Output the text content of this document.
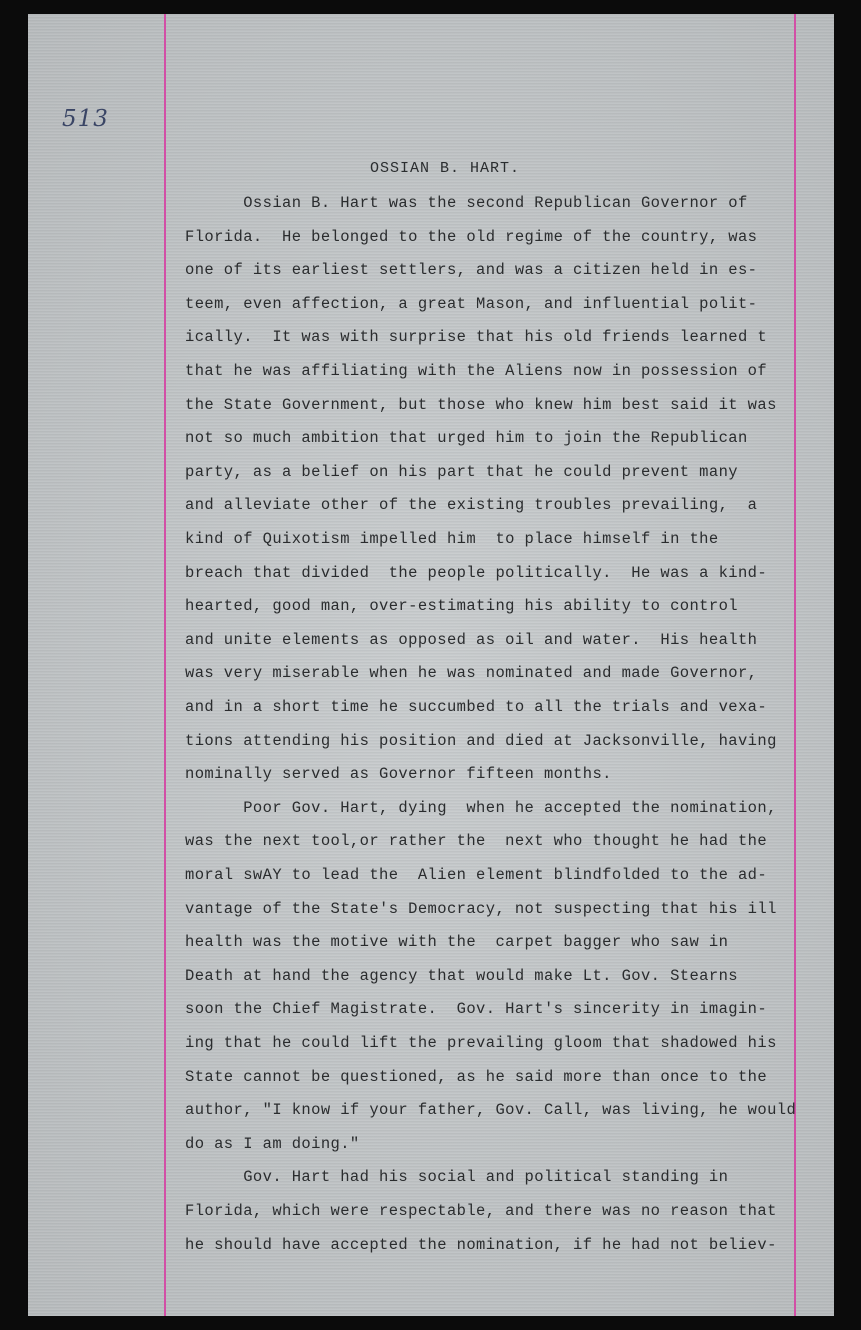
513
OSSIAN B. HART.
Ossian B. Hart was the second Republican Governor of
Florida.  He belonged to the old regime of the country, was
one of its earliest settlers, and was a citizen held in es-
teem, even affection, a great Mason, and influential polit-
ically.  It was with surprise that his old friends learned t
that he was affiliating with the Aliens now in possession of
the State Government, but those who knew him best said it was
not so much ambition that urged him to join the Republican
party, as a belief on his part that he could prevent many
and alleviate other of the existing troubles prevailing,  a
kind of Quixotism impelled him  to place himself in the
breach that divided  the people politically.  He was a kind-
hearted, good man, over-estimating his ability to control
and unite elements as opposed as oil and water.  His health
was very miserable when he was nominated and made Governor,
and in a short time he succumbed to all the trials and vexa-
tions attending his position and died at Jacksonville, having
nominally served as Governor fifteen months.
Poor Gov. Hart, dying  when he accepted the nomination,
was the next tool,or rather the  next who thought he had the
moral swAY to lead the  Alien element blindfolded to the ad-
vantage of the State's Democracy, not suspecting that his ill
health was the motive with the  carpet bagger who saw in
Death at hand the agency that would make Lt. Gov. Stearns
soon the Chief Magistrate.  Gov. Hart's sincerity in imagin-
ing that he could lift the prevailing gloom that shadowed his
State cannot be questioned, as he said more than once to the
author, "I know if your father, Gov. Call, was living, he would
do as I am doing."
Gov. Hart had his social and political standing in
Florida, which were respectable, and there was no reason that
he should have accepted the nomination, if he had not believ-
